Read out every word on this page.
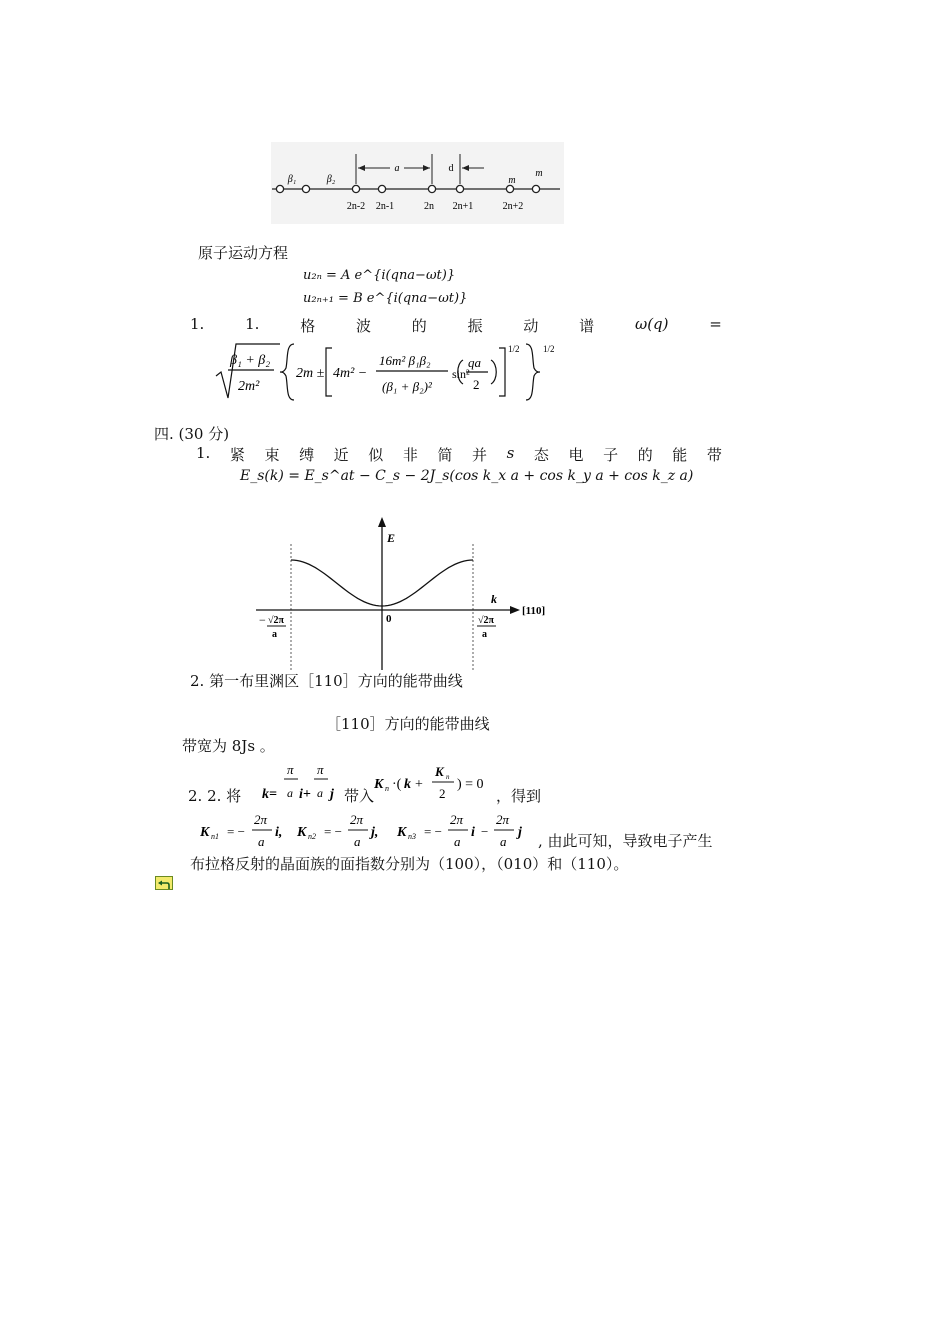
β₁	β₂
a	d
m
m
2n-2 2n-1	2n 2n+1	2n+2
原子运动方程
u₂ₙ = A e^{i(qna−ωt)}
u₂ₙ₊₁ = B e^{i(qna−ωt)}
1.	1.	格	波	的	振	动	谱	ω(q)	=
β₁ + β₂
2m²
2m ± 4m² −
16m² β₁β₂
(β₁ + β₂)²
sin²
qa
2
1/2	1/2
四. (30 分)
1. 紧 束 缚 近 似 非 简 并 s 态 电 子 的 能 带
E_s(k) = E_s^at − C_s − 2J_s(cos k_x a + cos k_y a + cos k_z a)
E
k
[110]
0
− √2π
a
√2π
a
2. 第一布里渊区［110］方向的能带曲线
［110］方向的能带曲线
带宽为 8Js 。
2. 2. 将
π π
k= a i+ a j 带入
K n ·( k +
K n
2
) = 0
，得到
K n1 = −
2π
a
i, K n2 = −
2π
a
j, K n3 = −
2π
a
i −
2π
a
j , 由此可知，导致电子产生
布拉格反射的晶面族的面指数分别为（100），（010）和（110）。
